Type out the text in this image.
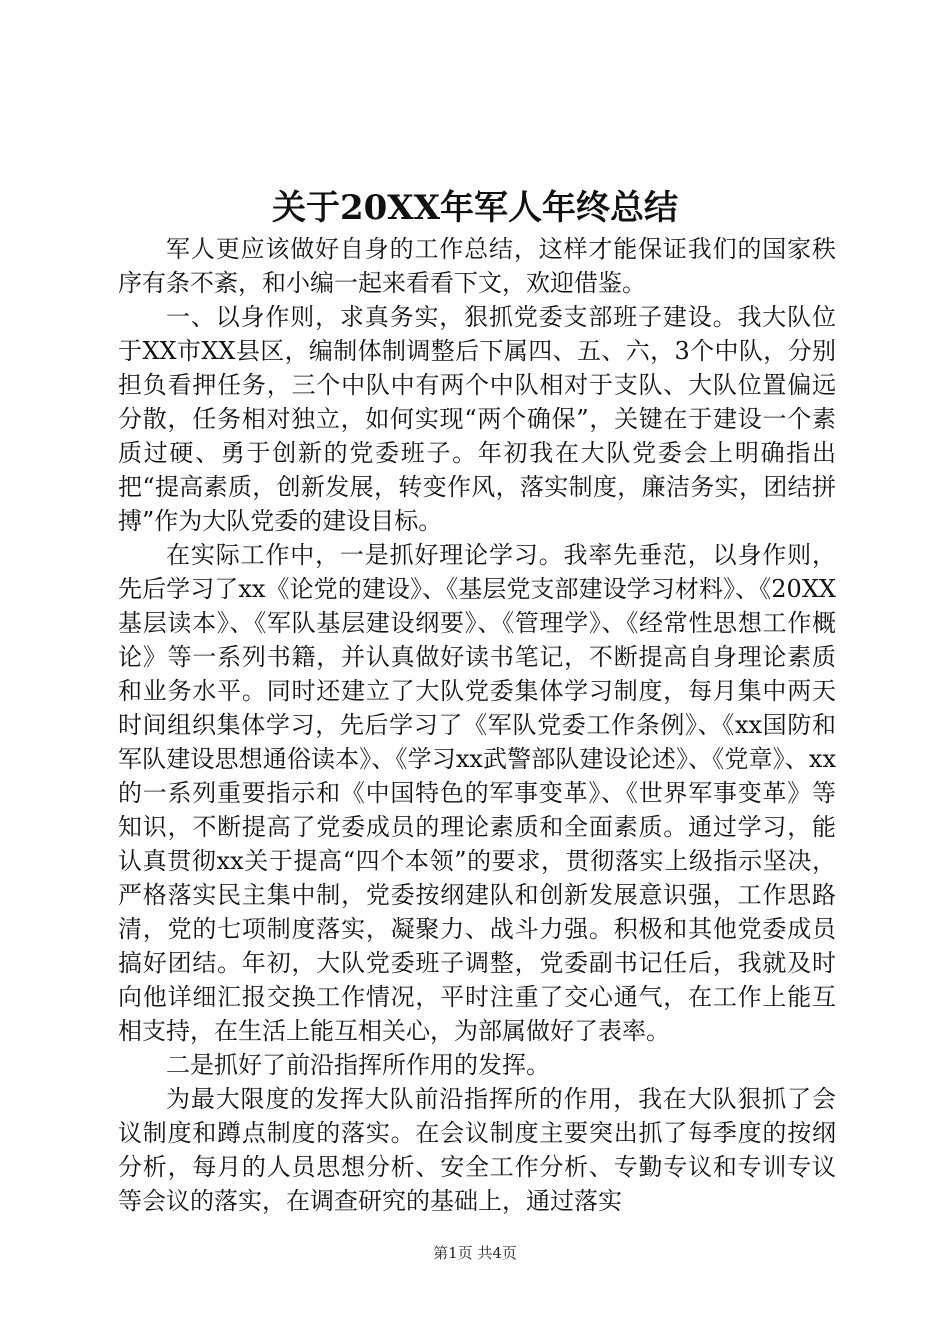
关于20XX年军人年终总结

军人更应该做好自身的工作总结，这样才能保证我们的国家秩序有条不紊，和小编一起来看看下文，欢迎借鉴。

一、以身作则，求真务实，狠抓党委支部班子建设。我大队位于XX市XX县区，编制体制调整后下属四、五、六，3个中队，分别担负看押任务，三个中队中有两个中队相对于支队、大队位置偏远分散，任务相对独立，如何实现“两个确保”，关键在于建设一个素质过硬、勇于创新的党委班子。年初我在大队党委会上明确指出把“提高素质，创新发展，转变作风，落实制度，廉洁务实，团结拼搏”作为大队党委的建设目标。

在实际工作中，一是抓好理论学习。我率先垂范，以身作则，先后学习了xx《论党的建设》、《基层党支部建设学习材料》、《20XX基层读本》、《军队基层建设纲要》、《管理学》、《经常性思想工作概论》等一系列书籍，并认真做好读书笔记，不断提高自身理论素质和业务水平。同时还建立了大队党委集体学习制度，每月集中两天时间组织集体学习，先后学习了《军队党委工作条例》、《xx国防和军队建设思想通俗读本》、《学习xx武警部队建设论述》、《党章》、xx的一系列重要指示和《中国特色的军事变革》、《世界军事变革》等知识，不断提高了党委成员的理论素质和全面素质。通过学习，能认真贯彻xx关于提高“四个本领”的要求，贯彻落实上级指示坚决，严格落实民主集中制，党委按纲建队和创新发展意识强，工作思路清，党的七项制度落实，凝聚力、战斗力强。积极和其他党委成员搞好团结。年初，大队党委班子调整，党委副书记任后，我就及时向他详细汇报交换工作情况，平时注重了交心通气，在工作上能互相支持，在生活上能互相关心，为部属做好了表率。

二是抓好了前沿指挥所作用的发挥。

为最大限度的发挥大队前沿指挥所的作用，我在大队狠抓了会议制度和蹲点制度的落实。在会议制度主要突出抓了每季度的按纲分析，每月的人员思想分析、安全工作分析、专勤专议和专训专议等会议的落实，在调查研究的基础上，通过落实

第1页 共4页
